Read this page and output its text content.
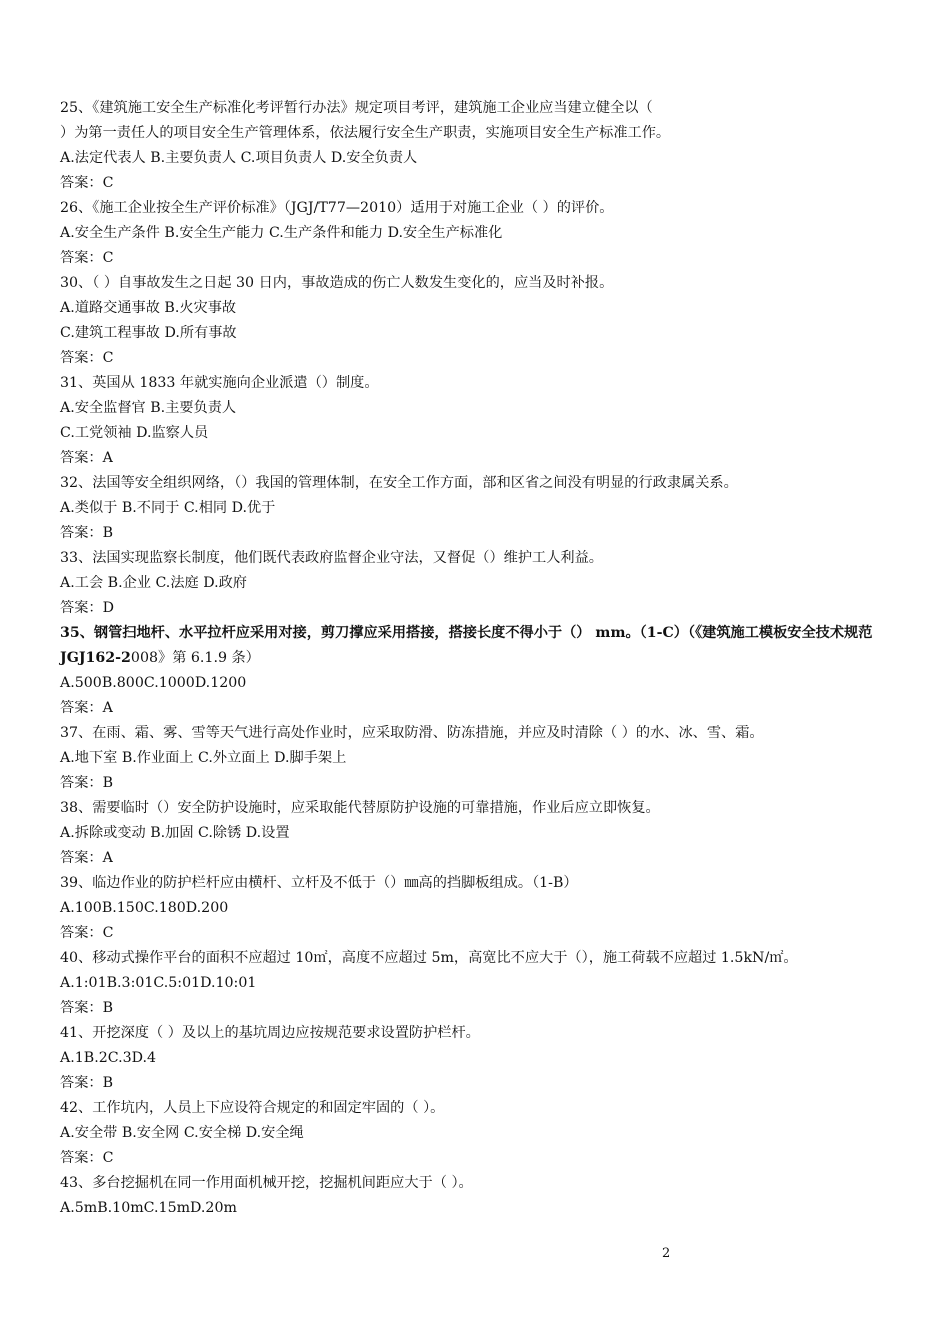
25、《建筑施工安全生产标准化考评暂行办法》规定项目考评，建筑施工企业应当建立健全以（
）为第一责任人的项目安全生产管理体系，依法履行安全生产职责，实施项目安全生产标准工作。
A.法定代表人 B.主要负责人 C.项目负责人 D.安全负责人
答案：C
26、《施工企业按全生产评价标准》（JGJ/T77—2010）适用于对施工企业（ ）的评价。
A.安全生产条件 B.安全生产能力 C.生产条件和能力 D.安全生产标准化
答案：C
30、（ ）自事故发生之日起 30 日内，事故造成的伤亡人数发生变化的，应当及时补报。
A.道路交通事故 B.火灾事故
C.建筑工程事故 D.所有事故
答案：C
31、英国从 1833 年就实施向企业派遣（）制度。
A.安全监督官 B.主要负责人
C.工党领袖 D.监察人员
答案：A
32、法国等安全组织网络，（）我国的管理体制，在安全工作方面，部和区省之间没有明显的行政隶属关系。
A.类似于 B.不同于 C.相同 D.优于
答案：B
33、法国实现监察长制度，他们既代表政府监督企业守法，又督促（）维护工人利益。
A.工会 B.企业 C.法庭 D.政府
答案：D
35、钢管扫地杆、水平拉杆应采用对接，剪刀撑应采用搭接，搭接长度不得小于（） mm。（1-C）（《建筑施工模板安全技术规范 JGJ162-2008》第 6.1.9 条）
A.500B.800C.1000D.1200
答案：A
37、在雨、霜、雾、雪等天气进行高处作业时，应采取防滑、防冻措施，并应及时清除（ ）的水、冰、雪、霜。
A.地下室 B.作业面上 C.外立面上 D.脚手架上
答案：B
38、需要临时（）安全防护设施时，应采取能代替原防护设施的可靠措施，作业后应立即恢复。
A.拆除或变动 B.加固 C.除锈 D.设置
答案：A
39、临边作业的防护栏杆应由横杆、立杆及不低于（）㎜高的挡脚板组成。（1-B）
A.100B.150C.180D.200
答案：C
40、移动式操作平台的面积不应超过 10㎡，高度不应超过 5m，高宽比不应大于（），施工荷载不应超过 1.5kN/㎡。
A.1:01B.3:01C.5:01D.10:01
答案：B
41、开挖深度（ ）及以上的基坑周边应按规范要求设置防护栏杆。
A.1B.2C.3D.4
答案：B
42、工作坑内，人员上下应设符合规定的和固定牢固的（ ）。
A.安全带 B.安全网 C.安全梯 D.安全绳
答案：C
43、多台挖掘机在同一作用面机械开挖，挖掘机间距应大于（ ）。
A.5mB.10mC.15mD.20m
2
